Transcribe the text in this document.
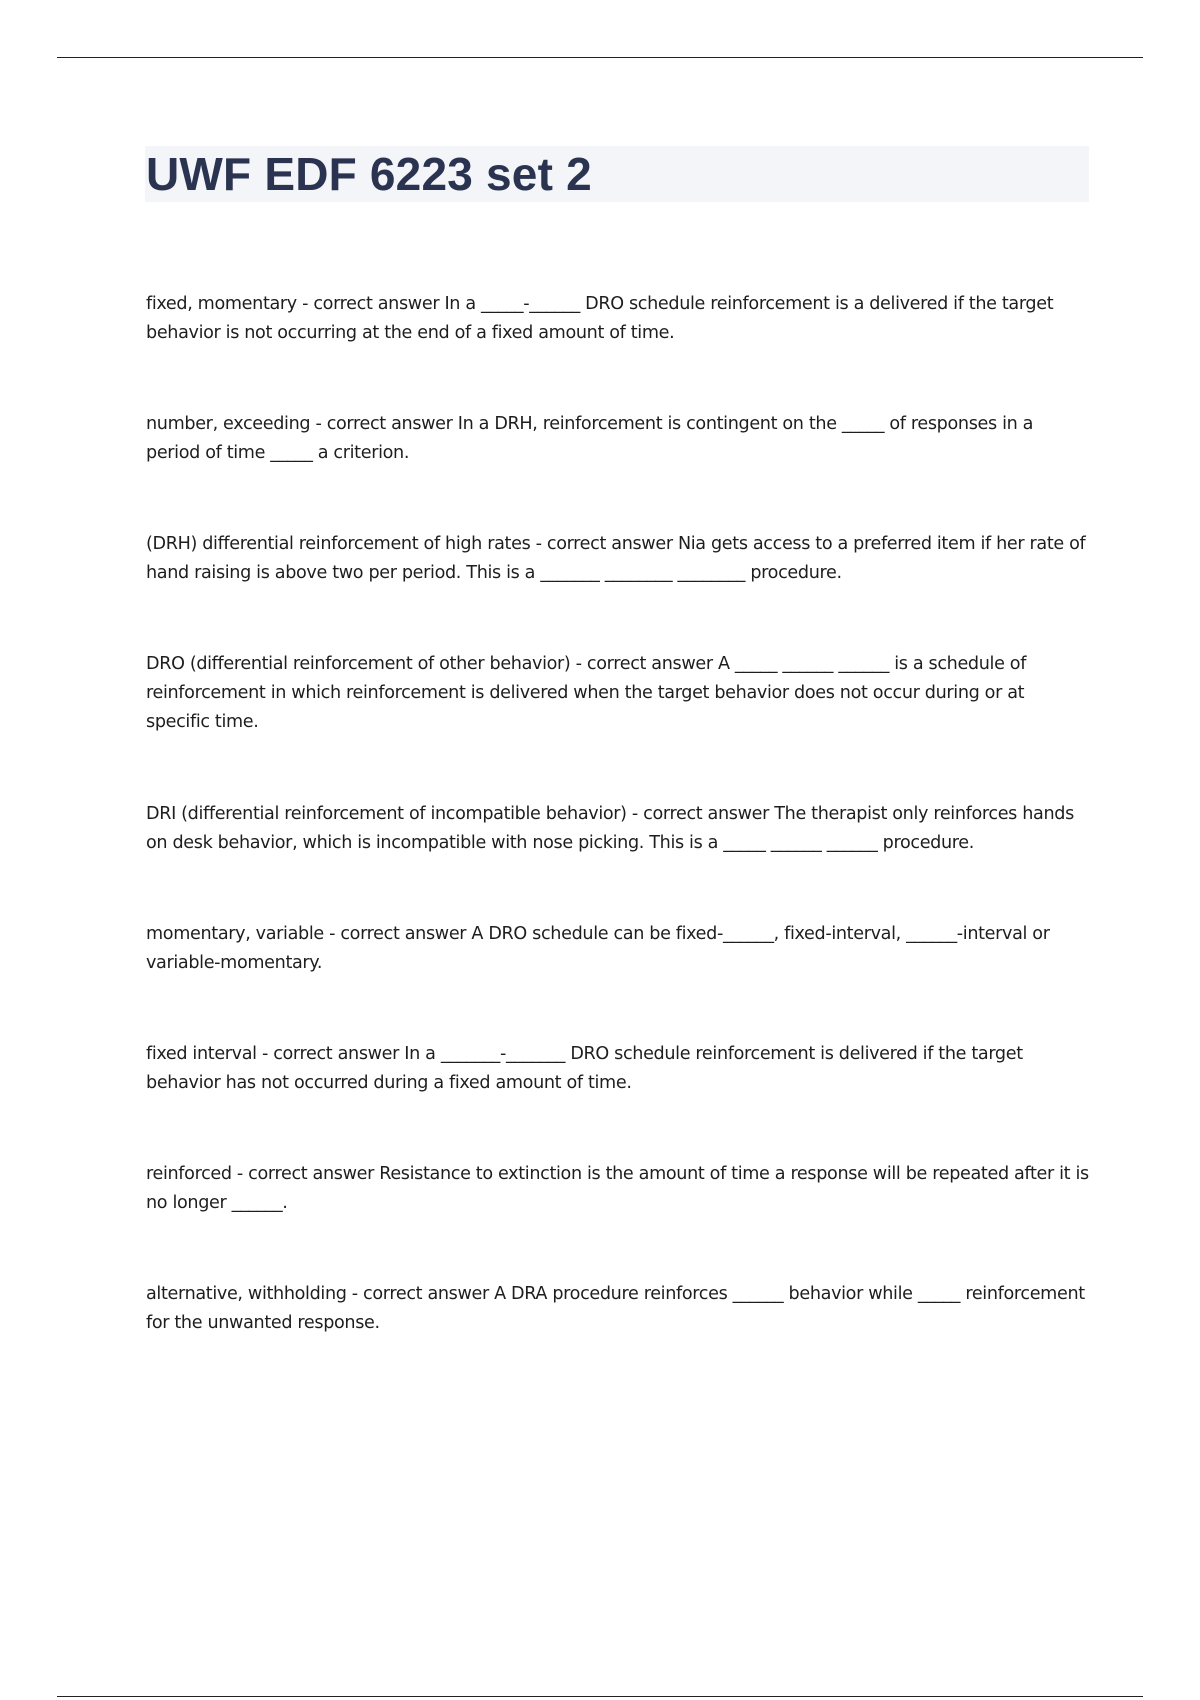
UWF EDF 6223 set 2

fixed, momentary - correct answer In a _____-______ DRO schedule reinforcement is a delivered if the target behavior is not occurring at the end of a fixed amount of time.

number, exceeding - correct answer In a DRH, reinforcement is contingent on the _____ of responses in a period of time _____ a criterion.

(DRH) differential reinforcement of high rates - correct answer Nia gets access to a preferred item if her rate of hand raising is above two per period. This is a _______ ________ ________ procedure.

DRO (differential reinforcement of other behavior) - correct answer A _____ ______ ______ is a schedule of reinforcement in which reinforcement is delivered when the target behavior does not occur during or at specific time.

DRI (differential reinforcement of incompatible behavior) - correct answer The therapist only reinforces hands on desk behavior, which is incompatible with nose picking. This is a _____ ______ ______ procedure.

momentary, variable - correct answer A DRO schedule can be fixed-______, fixed-interval, ______-interval or variable-momentary.

fixed interval - correct answer In a _______-_______ DRO schedule reinforcement is delivered if the target behavior has not occurred during a fixed amount of time.

reinforced - correct answer Resistance to extinction is the amount of time a response will be repeated after it is no longer ______.

alternative, withholding - correct answer A DRA procedure reinforces ______ behavior while _____ reinforcement for the unwanted response.
